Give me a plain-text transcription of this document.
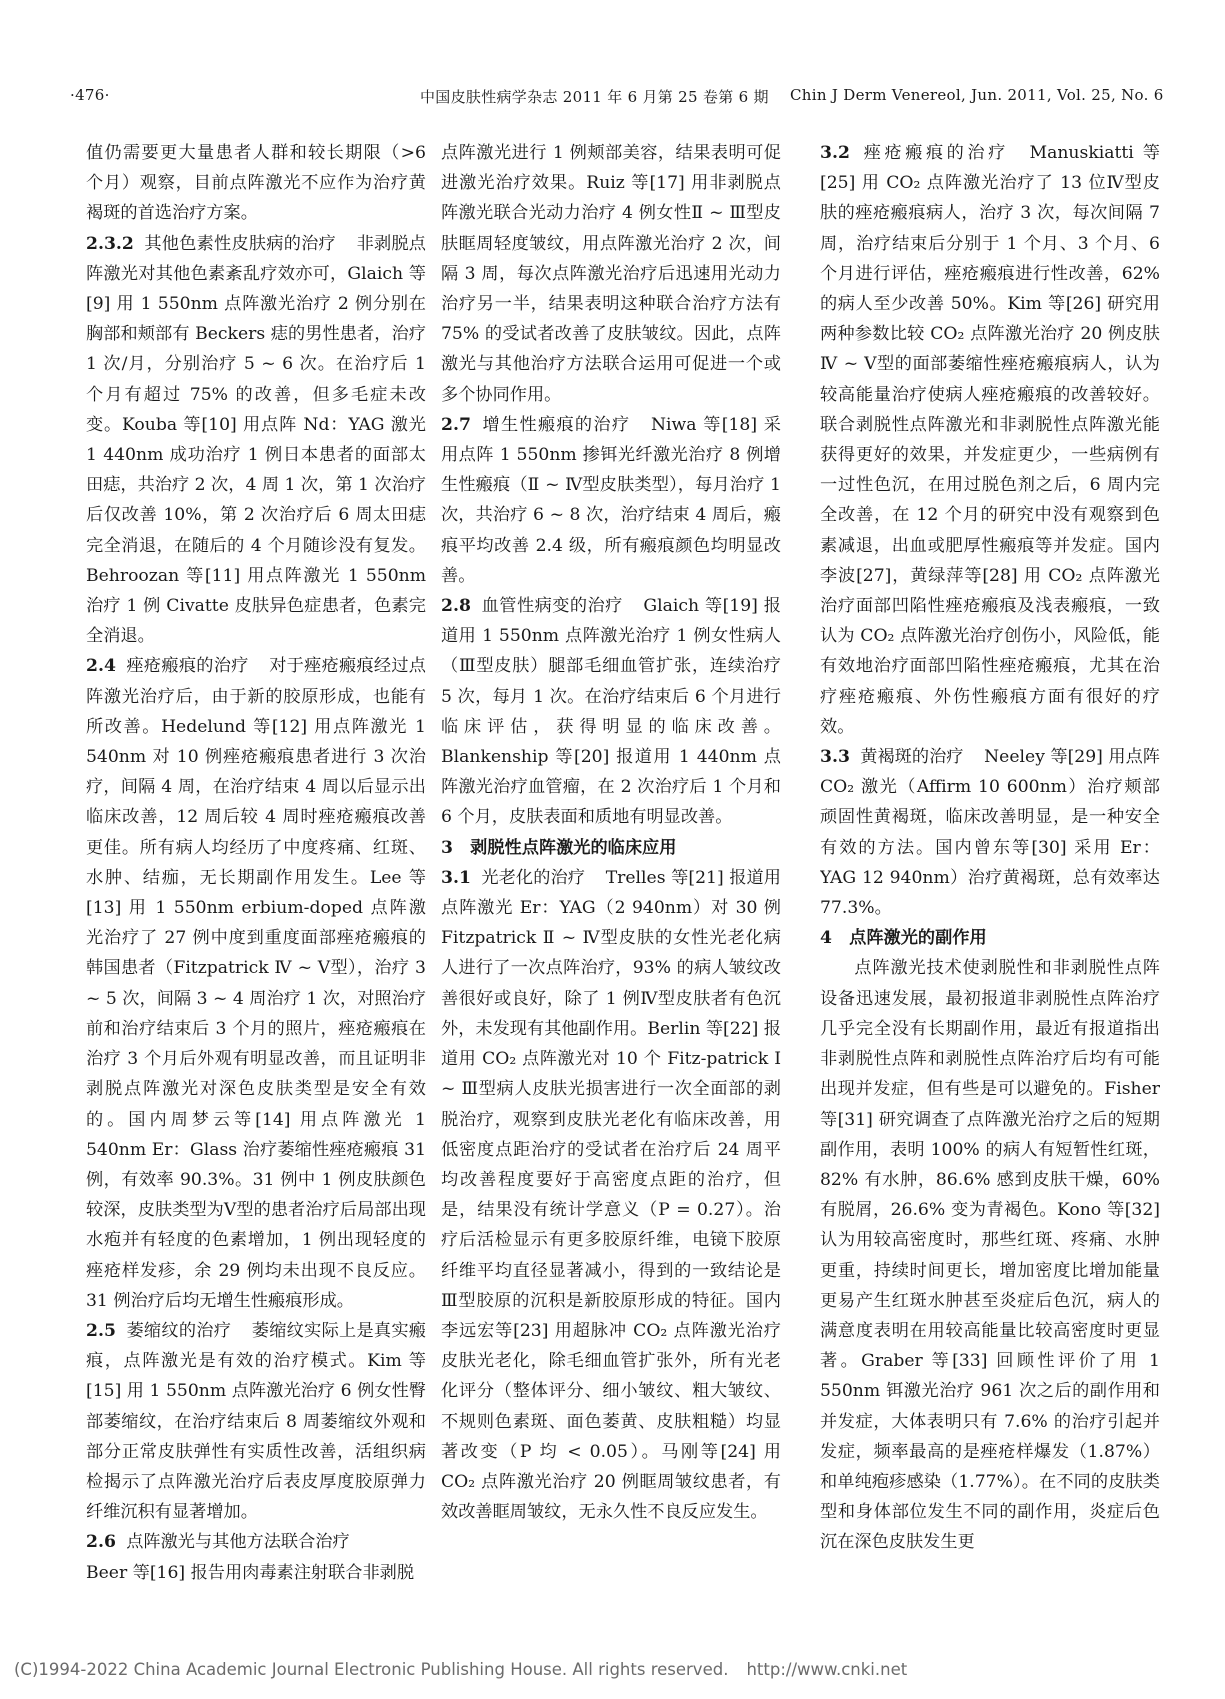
·476·	中国皮肤性病学杂志 2011 年 6 月第 25 卷第 6 期 Chin J Derm Venereol, Jun. 2011, Vol. 25, No. 6

值仍需要更大量患者人群和较长期限（>6 个月）观察，目前点阵激光不应作为治疗黄褐斑的首选治疗方案。

2.3.2 其他色素性皮肤病的治疗 非剥脱点阵激光对其他色素紊乱疗效亦可，Glaich 等[9] 用 1 550nm 点阵激光治疗 2 例分别在胸部和颊部有 Beckers 痣的男性患者，治疗 1 次/月，分别治疗 5 ~ 6 次。在治疗后 1 个月有超过 75% 的改善，但多毛症未改变。Kouba 等[10] 用点阵 Nd：YAG 激光 1 440nm 成功治疗 1 例日本患者的面部太田痣，共治疗 2 次，4 周 1 次，第 1 次治疗后仅改善 10%，第 2 次治疗后 6 周太田痣完全消退，在随后的 4 个月随诊没有复发。Behroozan 等[11] 用点阵激光 1 550nm 治疗 1 例 Civatte 皮肤异色症患者，色素完全消退。

2.4 痤疮瘢痕的治疗 对于痤疮瘢痕经过点阵激光治疗后，由于新的胶原形成，也能有所改善。Hedelund 等[12] 用点阵激光 1 540nm 对 10 例痤疮瘢痕患者进行 3 次治疗，间隔 4 周，在治疗结束 4 周以后显示出临床改善，12 周后较 4 周时痤疮瘢痕改善更佳。所有病人均经历了中度疼痛、红斑、水肿、结痂，无长期副作用发生。Lee 等[13] 用 1 550nm erbium-doped 点阵激光治疗了 27 例中度到重度面部痤疮瘢痕的韩国患者（Fitzpatrick Ⅳ ~ Ⅴ型），治疗 3 ~ 5 次，间隔 3 ~ 4 周治疗 1 次，对照治疗前和治疗结束后 3 个月的照片，痤疮瘢痕在治疗 3 个月后外观有明显改善，而且证明非剥脱点阵激光对深色皮肤类型是安全有效的。国内周梦云等[14] 用点阵激光 1 540nm Er：Glass 治疗萎缩性痤疮瘢痕 31 例，有效率 90.3%。31 例中 1 例皮肤颜色较深，皮肤类型为Ⅴ型的患者治疗后局部出现水疱并有轻度的色素增加，1 例出现轻度的痤疮样发疹，余 29 例均未出现不良反应。31 例治疗后均无增生性瘢痕形成。

2.5 萎缩纹的治疗 萎缩纹实际上是真实瘢痕，点阵激光是有效的治疗模式。Kim 等[15] 用 1 550nm 点阵激光治疗 6 例女性臀部萎缩纹，在治疗结束后 8 周萎缩纹外观和部分正常皮肤弹性有实质性改善，活组织病检揭示了点阵激光治疗后表皮厚度胶原弹力纤维沉积有显著增加。

2.6 点阵激光与其他方法联合治疗
Beer 等[16] 报告用肉毒素注射联合非剥脱

点阵激光进行 1 例颊部美容，结果表明可促进激光治疗效果。Ruiz 等[17] 用非剥脱点阵激光联合光动力治疗 4 例女性Ⅱ ~ Ⅲ型皮肤眶周轻度皱纹，用点阵激光治疗 2 次，间隔 3 周，每次点阵激光治疗后迅速用光动力治疗另一半，结果表明这种联合治疗方法有 75% 的受试者改善了皮肤皱纹。因此，点阵激光与其他治疗方法联合运用可促进一个或多个协同作用。

2.7 增生性瘢痕的治疗 Niwa 等[18] 采用点阵 1 550nm 掺铒光纤激光治疗 8 例增生性瘢痕（Ⅱ ~ Ⅳ型皮肤类型），每月治疗 1 次，共治疗 6 ~ 8 次，治疗结束 4 周后，瘢痕平均改善 2.4 级，所有瘢痕颜色均明显改善。

2.8 血管性病变的治疗 Glaich 等[19] 报道用 1 550nm 点阵激光治疗 1 例女性病人（Ⅲ型皮肤）腿部毛细血管扩张，连续治疗 5 次，每月 1 次。在治疗结束后 6 个月进行临床评估，获得明显的临床改善。Blankenship 等[20] 报道用 1 440nm 点阵激光治疗血管瘤，在 2 次治疗后 1 个月和 6 个月，皮肤表面和质地有明显改善。

3　剥脱性点阵激光的临床应用

3.1 光老化的治疗 Trelles 等[21] 报道用点阵激光 Er：YAG（2 940nm）对 30 例 Fitzpatrick Ⅱ ~ Ⅳ型皮肤的女性光老化病人进行了一次点阵治疗，93% 的病人皱纹改善很好或良好，除了 1 例Ⅳ型皮肤者有色沉外，未发现有其他副作用。Berlin 等[22] 报道用 CO₂ 点阵激光对 10 个 Fitz-patrick Ⅰ ~ Ⅲ型病人皮肤光损害进行一次全面部的剥脱治疗，观察到皮肤光老化有临床改善，用低密度点距治疗的受试者在治疗后 24 周平均改善程度要好于高密度点距的治疗，但是，结果没有统计学意义（P = 0.27）。治疗后活检显示有更多胶原纤维，电镜下胶原纤维平均直径显著减小，得到的一致结论是Ⅲ型胶原的沉积是新胶原形成的特征。国内李远宏等[23] 用超脉冲 CO₂ 点阵激光治疗皮肤光老化，除毛细血管扩张外，所有光老化评分（整体评分、细小皱纹、粗大皱纹、不规则色素斑、面色萎黄、皮肤粗糙）均显著改变（P 均 < 0.05）。马刚等[24] 用 CO₂ 点阵激光治疗 20 例眶周皱纹患者，有效改善眶周皱纹，无永久性不良反应发生。

3.2 痤疮瘢痕的治疗 Manuskiatti 等[25] 用 CO₂ 点阵激光治疗了 13 位Ⅳ型皮肤的痤疮瘢痕病人，治疗 3 次，每次间隔 7 周，治疗结束后分别于 1 个月、3 个月、6 个月进行评估，痤疮瘢痕进行性改善，62% 的病人至少改善 50%。Kim 等[26] 研究用两种参数比较 CO₂ 点阵激光治疗 20 例皮肤Ⅳ ~ Ⅴ型的面部萎缩性痤疮瘢痕病人，认为较高能量治疗使病人痤疮瘢痕的改善较好。联合剥脱性点阵激光和非剥脱性点阵激光能获得更好的效果，并发症更少，一些病例有一过性色沉，在用过脱色剂之后，6 周内完全改善，在 12 个月的研究中没有观察到色素减退，出血或肥厚性瘢痕等并发症。国内李波[27]，黄绿萍等[28] 用 CO₂ 点阵激光治疗面部凹陷性痤疮瘢痕及浅表瘢痕，一致认为 CO₂ 点阵激光治疗创伤小，风险低，能有效地治疗面部凹陷性痤疮瘢痕，尤其在治疗痤疮瘢痕、外伤性瘢痕方面有很好的疗效。

3.3 黄褐斑的治疗 Neeley 等[29] 用点阵 CO₂ 激光（Affirm 10 600nm）治疗颊部顽固性黄褐斑，临床改善明显，是一种安全有效的方法。国内曾东等[30] 采用 Er：YAG 12 940nm）治疗黄褐斑，总有效率达 77.3%。

4　点阵激光的副作用

点阵激光技术使剥脱性和非剥脱性点阵设备迅速发展，最初报道非剥脱性点阵治疗几乎完全没有长期副作用，最近有报道指出非剥脱性点阵和剥脱性点阵治疗后均有可能出现并发症，但有些是可以避免的。Fisher 等[31] 研究调查了点阵激光治疗之后的短期副作用，表明 100% 的病人有短暂性红斑，82% 有水肿，86.6% 感到皮肤干燥，60% 有脱屑，26.6% 变为青褐色。Kono 等[32] 认为用较高密度时，那些红斑、疼痛、水肿更重，持续时间更长，增加密度比增加能量更易产生红斑水肿甚至炎症后色沉，病人的满意度表明在用较高能量比较高密度时更显著。Graber 等[33] 回顾性评价了用 1 550nm 铒激光治疗 961 次之后的副作用和并发症，大体表明只有 7.6% 的治疗引起并发症，频率最高的是痤疮样爆发（1.87%）和单纯疱疹感染（1.77%）。在不同的皮肤类型和身体部位发生不同的副作用，炎症后色沉在深色皮肤发生更

(C)1994-2022 China Academic Journal Electronic Publishing House. All rights reserved. http://www.cnki.net
